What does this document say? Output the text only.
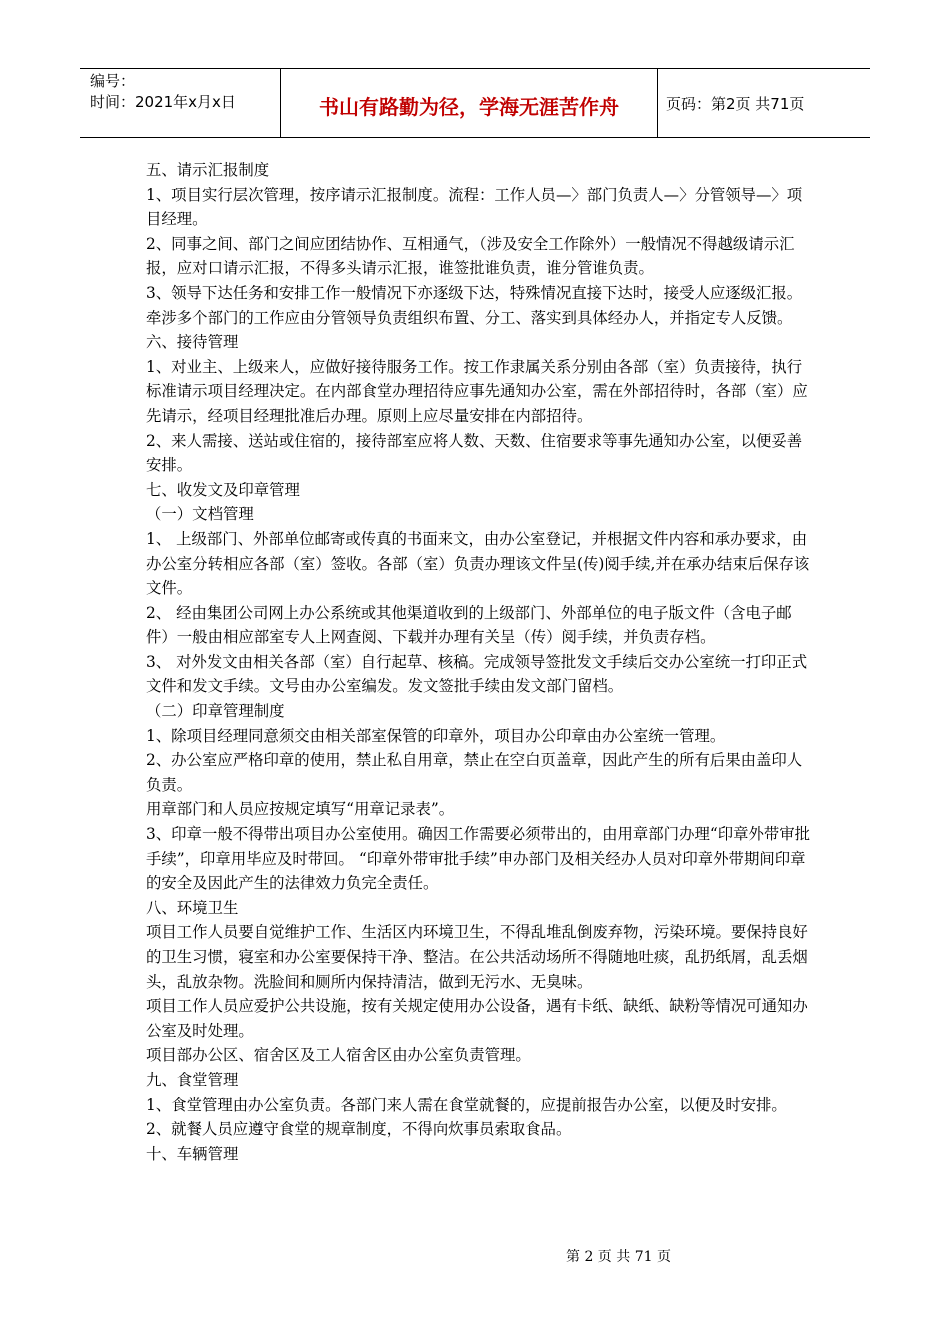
编号：
时间：2021年x月x日	书山有路勤为径，学海无涯苦作舟	页码：第2页 共71页

五、请示汇报制度

1、项目实行层次管理，按序请示汇报制度。流程：工作人员—〉部门负责人—〉分管领导—〉项目经理。

2、同事之间、部门之间应团结协作、互相通气，（涉及安全工作除外）一般情况不得越级请示汇报，应对口请示汇报，不得多头请示汇报，谁签批谁负责，谁分管谁负责。

3、领导下达任务和安排工作一般情况下亦逐级下达，特殊情况直接下达时，接受人应逐级汇报。牵涉多个部门的工作应由分管领导负责组织布置、分工、落实到具体经办人，并指定专人反馈。

六、接待管理

1、对业主、上级来人，应做好接待服务工作。按工作隶属关系分别由各部（室）负责接待，执行标准请示项目经理决定。在内部食堂办理招待应事先通知办公室，需在外部招待时，各部（室）应先请示，经项目经理批准后办理。原则上应尽量安排在内部招待。

2、来人需接、送站或住宿的，接待部室应将人数、天数、住宿要求等事先通知办公室，以便妥善安排。

七、收发文及印章管理

（一）文档管理

1、 上级部门、外部单位邮寄或传真的书面来文，由办公室登记，并根据文件内容和承办要求，由办公室分转相应各部（室）签收。各部（室）负责办理该文件呈(传)阅手续,并在承办结束后保存该文件。

2、 经由集团公司网上办公系统或其他渠道收到的上级部门、外部单位的电子版文件（含电子邮件）一般由相应部室专人上网查阅、下载并办理有关呈（传）阅手续，并负责存档。

3、 对外发文由相关各部（室）自行起草、核稿。完成领导签批发文手续后交办公室统一打印正式文件和发文手续。文号由办公室编发。发文签批手续由发文部门留档。

（二）印章管理制度

1、除项目经理同意须交由相关部室保管的印章外，项目办公印章由办公室统一管理。

2、办公室应严格印章的使用，禁止私自用章，禁止在空白页盖章，因此产生的所有后果由盖印人负责。

用章部门和人员应按规定填写“用章记录表”。

3、印章一般不得带出项目办公室使用。确因工作需要必须带出的，由用章部门办理“印章外带审批手续”，印章用毕应及时带回。 “印章外带审批手续”申办部门及相关经办人员对印章外带期间印章的安全及因此产生的法律效力负完全责任。

八、环境卫生

项目工作人员要自觉维护工作、生活区内环境卫生，不得乱堆乱倒废弃物，污染环境。要保持良好的卫生习惯，寝室和办公室要保持干净、整洁。在公共活动场所不得随地吐痰，乱扔纸屑，乱丢烟头，乱放杂物。洗脸间和厕所内保持清洁，做到无污水、无臭味。

项目工作人员应爱护公共设施，按有关规定使用办公设备，遇有卡纸、缺纸、缺粉等情况可通知办公室及时处理。

项目部办公区、宿舍区及工人宿舍区由办公室负责管理。

九、食堂管理

1、食堂管理由办公室负责。各部门来人需在食堂就餐的，应提前报告办公室，以便及时安排。

2、就餐人员应遵守食堂的规章制度，不得向炊事员索取食品。

十、车辆管理

第 2 页 共 71 页
